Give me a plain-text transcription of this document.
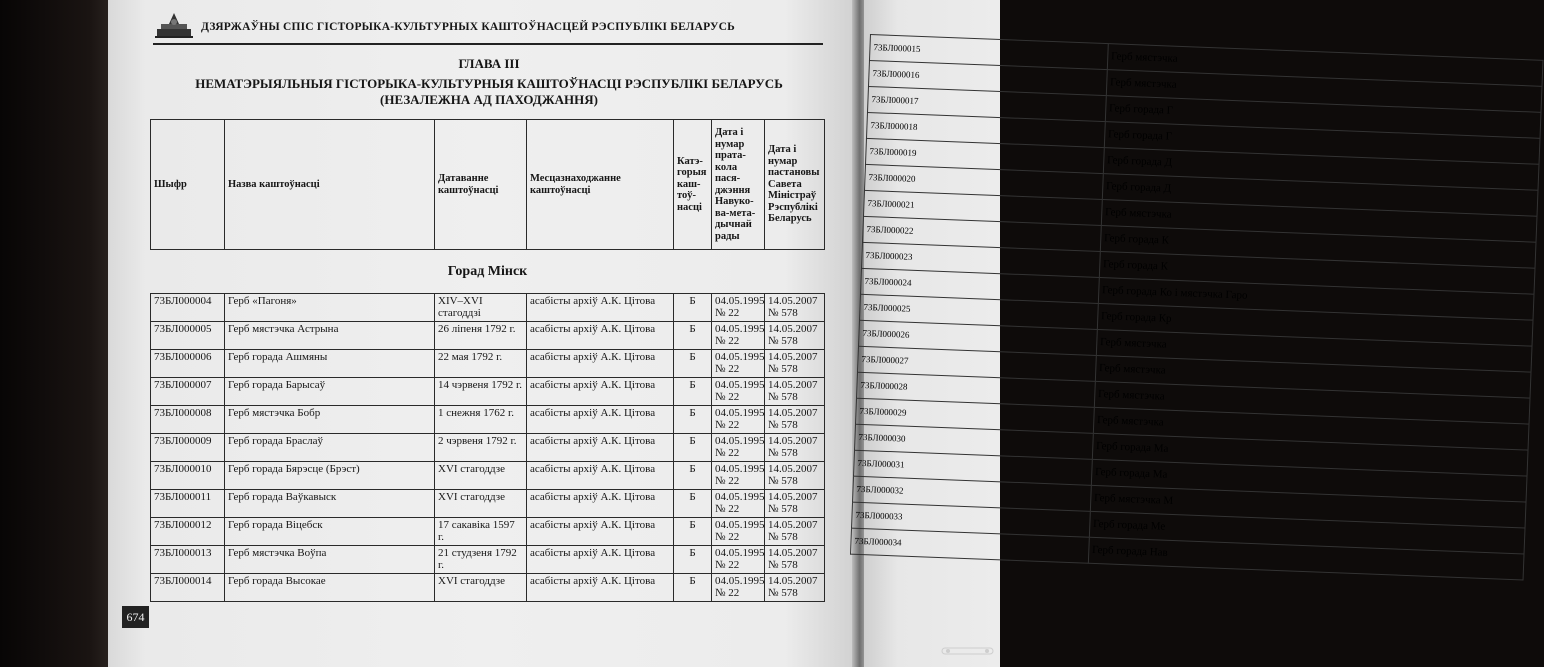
ДЗЯРЖАЎНЫ СПІС ГІСТОРЫКА-КУЛЬТУРНЫХ КАШТОЎНАСЦЕЙ РЭСПУБЛІКІ БЕЛАРУСЬ
ГЛАВА III
НЕМАТЭРЫЯЛЬНЫЯ ГІСТОРЫКА-КУЛЬТУРНЫЯ КАШТОЎНАСЦІ РЭСПУБЛІКІ БЕЛАРУСЬ
(НЕЗАЛЕЖНА АД ПАХОДЖАННЯ)
Шыфр	Назва каштоўнасці	Датаванне каштоўнасці	Месцазнаходжанне каштоўнасці	Катэ-горыя каш-тоў-насці	Дата і нумар прата-кола пася-джэння Навуко-ва-мета-дычнай рады	Дата і нумар пастановы Савета Міністраў Рэспублікі Беларусь
Горад Мінск						
73БЛ000004	Герб «Пагоня»	XIV–XVI стагоддзі	асабісты архіў А.К. Цітова	Б	04.05.1995 № 22	14.05.2007 № 578
73БЛ000005	Герб мястэчка Астрына	26 ліпеня 1792 г.	асабісты архіў А.К. Цітова	Б	04.05.1995 № 22	14.05.2007 № 578
73БЛ000006	Герб горада Ашмяны	22 мая 1792 г.	асабісты архіў А.К. Цітова	Б	04.05.1995 № 22	14.05.2007 № 578
73БЛ000007	Герб горада Барысаў	14 чэрвеня 1792 г.	асабісты архіў А.К. Цітова	Б	04.05.1995 № 22	14.05.2007 № 578
73БЛ000008	Герб мястэчка Бобр	1 снежня 1762 г.	асабісты архіў А.К. Цітова	Б	04.05.1995 № 22	14.05.2007 № 578
73БЛ000009	Герб горада Браслаў	2 чэрвеня 1792 г.	асабісты архіў А.К. Цітова	Б	04.05.1995 № 22	14.05.2007 № 578
73БЛ000010	Герб горада Бярэсце (Брэст)	XVI стагоддзе	асабісты архіў А.К. Цітова	Б	04.05.1995 № 22	14.05.2007 № 578
73БЛ000011	Герб горада Ваўкавыск	XVI стагоддзе	асабісты архіў А.К. Цітова	Б	04.05.1995 № 22	14.05.2007 № 578
73БЛ000012	Герб горада Віцебск	17 сакавіка 1597 г.	асабісты архіў А.К. Цітова	Б	04.05.1995 № 22	14.05.2007 № 578
73БЛ000013	Герб мястэчка Воўпа	21 студзеня 1792 г.	асабісты архіў А.К. Цітова	Б	04.05.1995 № 22	14.05.2007 № 578
73БЛ000014	Герб горада Высокае	XVI стагоддзе	асабісты архіў А.К. Цітова	Б	04.05.1995 № 22	14.05.2007 № 578
674
73БЛ000015	Герб мястэчка
73БЛ000016	Герб мястэчка
73БЛ000017	Герб горада Г
73БЛ000018	Герб горада Г
73БЛ000019	Герб горада Д
73БЛ000020	Герб горада Д
73БЛ000021	Герб мястэчка
73БЛ000022	Герб горада К
73БЛ000023	Герб горада К
73БЛ000024	Герб горада Ко і мястэчка Гаро
73БЛ000025	Герб горада Кр
73БЛ000026	Герб мястэчка
73БЛ000027	Герб мястэчка
73БЛ000028	Герб мястэчка
73БЛ000029	Герб мястэчка
73БЛ000030	Герб горада Ма
73БЛ000031	Герб горада Ма
73БЛ000032	Герб мястэчка М
73БЛ000033	Герб горада Ме
73БЛ000034	Герб горада Нав
